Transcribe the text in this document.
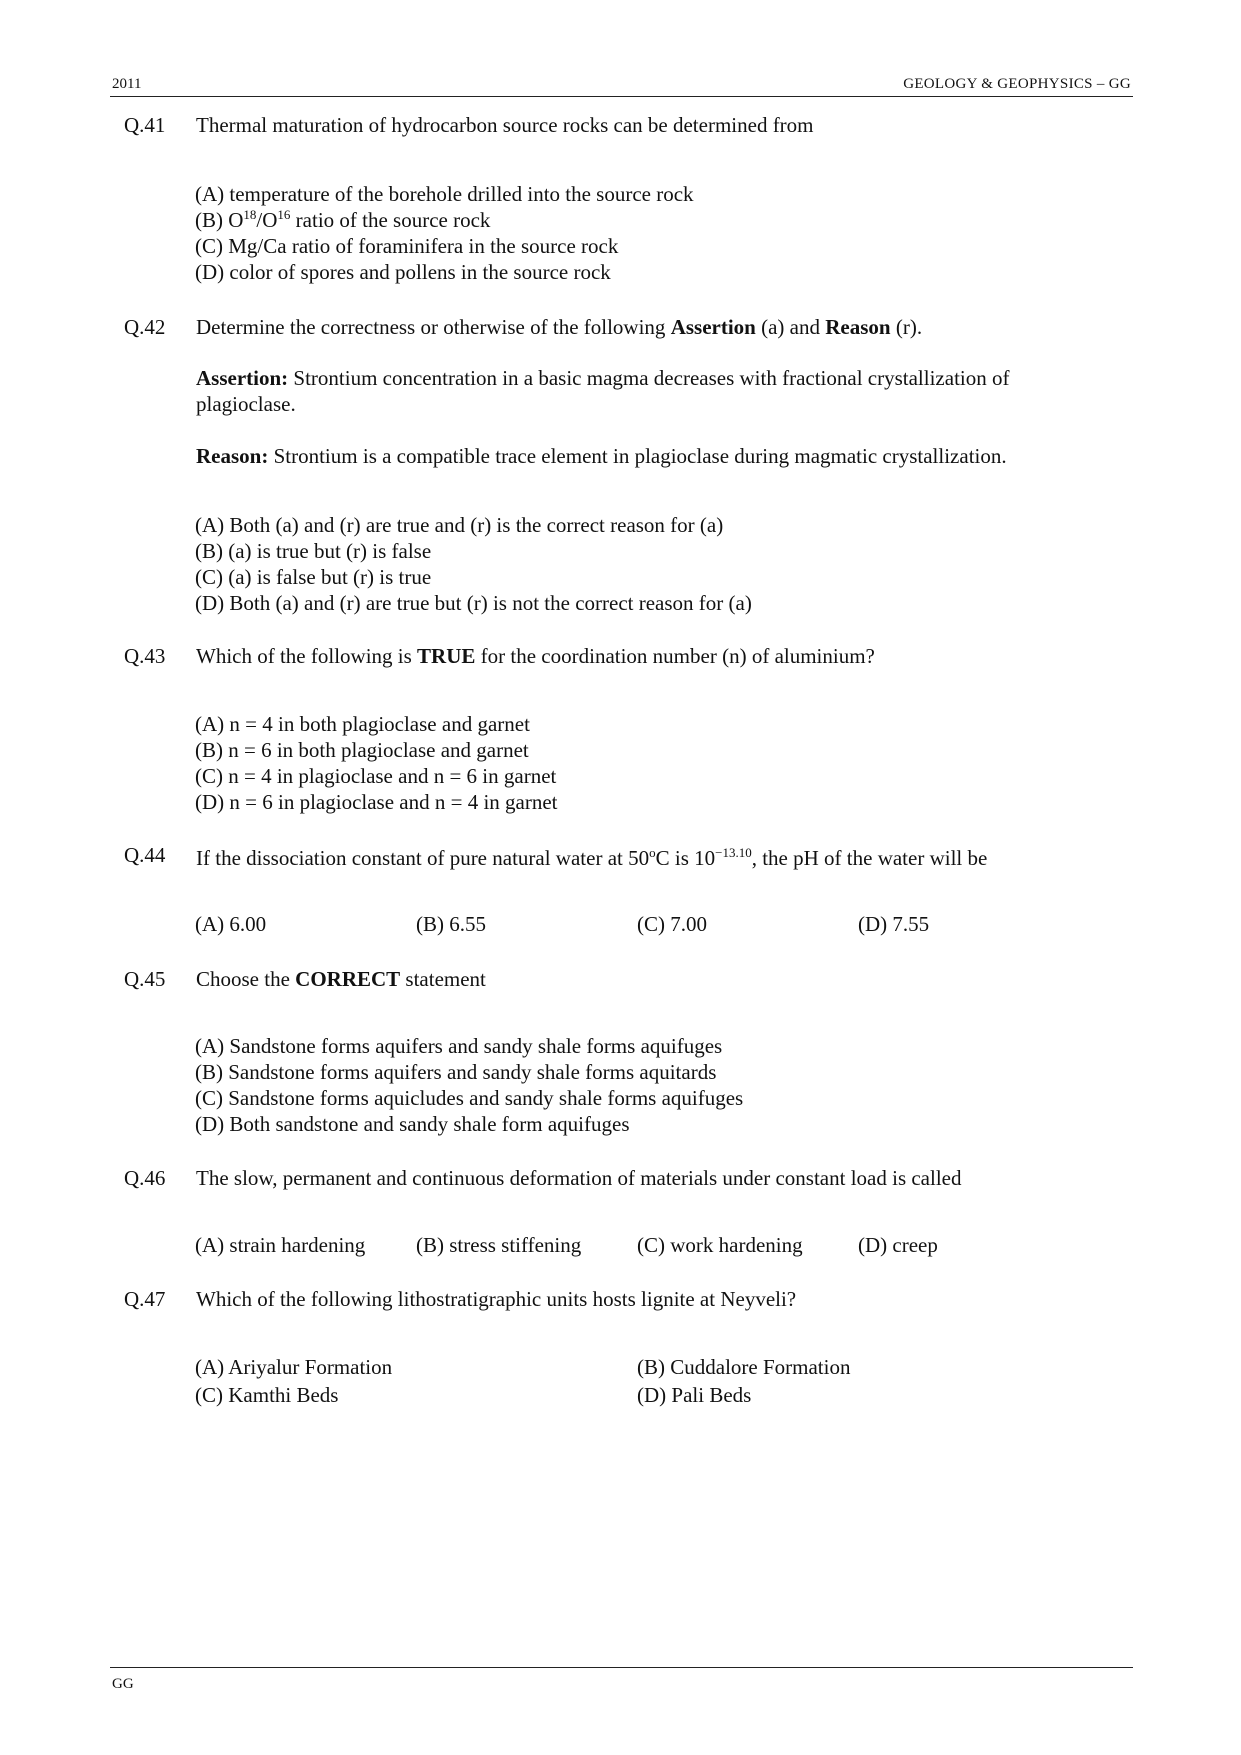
2011	GEOLOGY & GEOPHYSICS – GG
Q.41 Thermal maturation of hydrocarbon source rocks can be determined from
(A) temperature of the borehole drilled into the source rock
(B) $O^{18}/O^{16}$ ratio of the source rock
(C) Mg/Ca ratio of foraminifera in the source rock
(D) color of spores and pollens in the source rock
Q.42 Determine the correctness or otherwise of the following Assertion (a) and Reason (r).
Assertion: Strontium concentration in a basic magma decreases with fractional crystallization of
plagioclase.
Reason: Strontium is a compatible trace element in plagioclase during magmatic crystallization.
(A) Both (a) and (r) are true and (r) is the correct reason for (a)
(B) (a) is true but (r) is false
(C) (a) is false but (r) is true
(D) Both (a) and (r) are true but (r) is not the correct reason for (a)
Q.43 Which of the following is TRUE for the coordination number (n) of aluminium?
(A) n = 4 in both plagioclase and garnet
(B) n = 6 in both plagioclase and garnet
(C) n = 4 in plagioclase and n = 6 in garnet
(D) n = 6 in plagioclase and n = 4 in garnet
Q.44 If the dissociation constant of pure natural water at 50$^o$C is $10^{-13.10}$, the pH of the water will be
(A) 6.00	(B) 6.55	(C) 7.00	(D) 7.55
Q.45 Choose the CORRECT statement
(A) Sandstone forms aquifers and sandy shale forms aquifuges
(B) Sandstone forms aquifers and sandy shale forms aquitards
(C) Sandstone forms aquicludes and sandy shale forms aquifuges
(D) Both sandstone and sandy shale form aquifuges
Q.46 The slow, permanent and continuous deformation of materials under constant load is called
(A) strain hardening (B) stress stiffening	(C) work hardening	(D) creep
Q.47 Which of the following lithostratigraphic units hosts lignite at Neyveli?
(A) Ariyalur Formation	(B) Cuddalore Formation
(C) Kamthi Beds	(D) Pali Beds
GG
